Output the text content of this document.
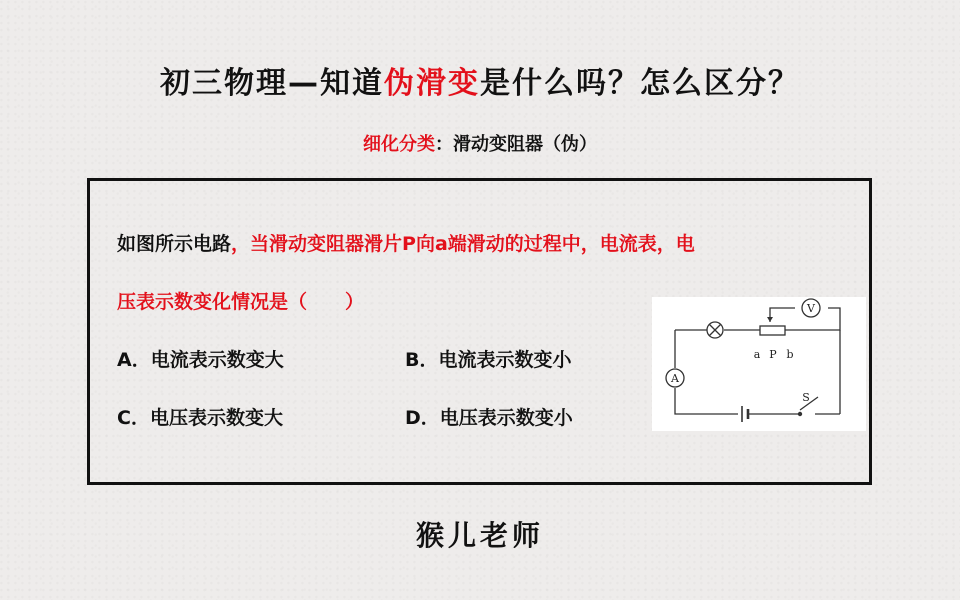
初三物理—知道伪滑变是什么吗？怎么区分？
细化分类：滑动变阻器（伪）
如图所示电路，当滑动变阻器滑片P向a端滑动的过程中，电流表，电
压表示数变化情况是（　　）
A．电流表示数变大	B．电流表示数变小
C．电压表示数变大	D．电压表示数变小
V
A
a P b
S
猴儿老师
